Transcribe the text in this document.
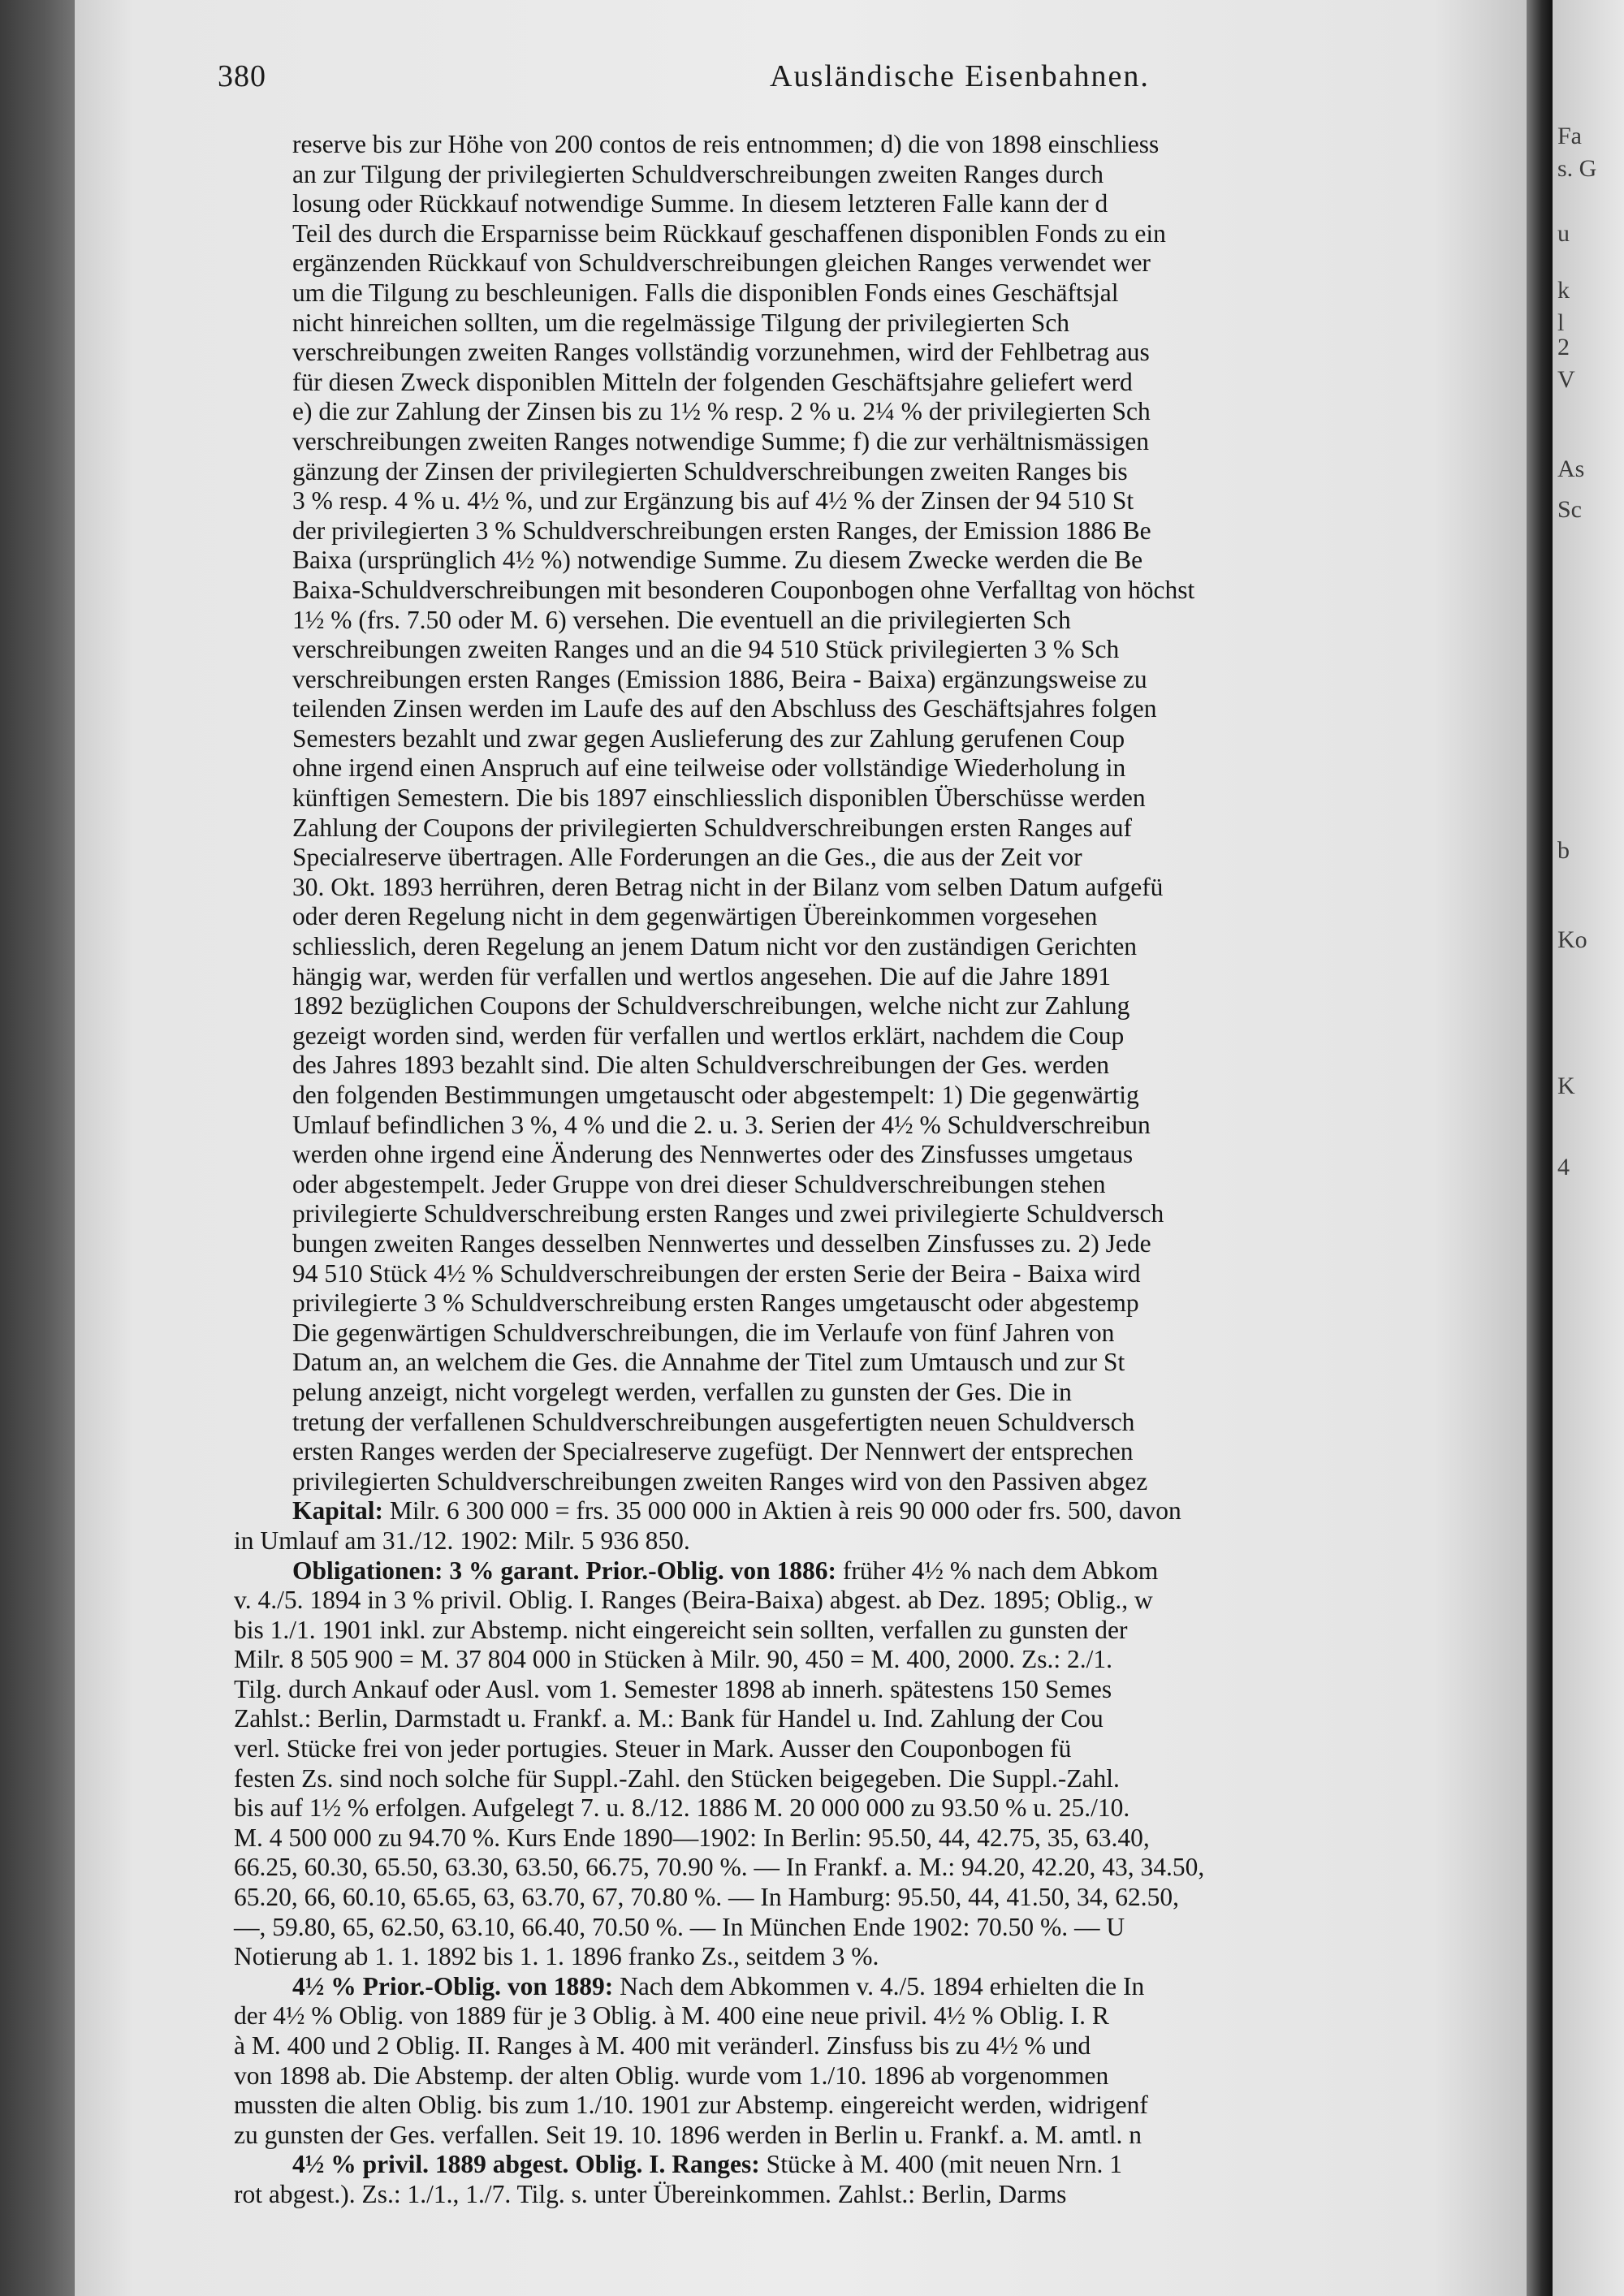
380	Ausländische Eisenbahnen.
reserve bis zur Höhe von 200 contos de reis entnommen; d) die von 1898 einschliess
an zur Tilgung der privilegierten Schuldverschreibungen zweiten Ranges durch
losung oder Rückkauf notwendige Summe. In diesem letzteren Falle kann der d
Teil des durch die Ersparnisse beim Rückkauf geschaffenen disponiblen Fonds zu ein
ergänzenden Rückkauf von Schuldverschreibungen gleichen Ranges verwendet wer
um die Tilgung zu beschleunigen. Falls die disponiblen Fonds eines Geschäftsjal
nicht hinreichen sollten, um die regelmässige Tilgung der privilegierten Sch
verschreibungen zweiten Ranges vollständig vorzunehmen, wird der Fehlbetrag aus
für diesen Zweck disponiblen Mitteln der folgenden Geschäftsjahre geliefert werd
e) die zur Zahlung der Zinsen bis zu 1½ % resp. 2 % u. 2¼ % der privilegierten Sch
verschreibungen zweiten Ranges notwendige Summe; f) die zur verhältnismässigen
gänzung der Zinsen der privilegierten Schuldverschreibungen zweiten Ranges bis
3 % resp. 4 % u. 4½ %, und zur Ergänzung bis auf 4½ % der Zinsen der 94 510 St
der privilegierten 3 % Schuldverschreibungen ersten Ranges, der Emission 1886 Be
Baixa (ursprünglich 4½ %) notwendige Summe. Zu diesem Zwecke werden die Be
Baixa-Schuldverschreibungen mit besonderen Couponbogen ohne Verfalltag von höchst
1½ % (frs. 7.50 oder M. 6) versehen. Die eventuell an die privilegierten Sch
verschreibungen zweiten Ranges und an die 94 510 Stück privilegierten 3 % Sch
verschreibungen ersten Ranges (Emission 1886, Beira - Baixa) ergänzungsweise zu
teilenden Zinsen werden im Laufe des auf den Abschluss des Geschäftsjahres folgen
Semesters bezahlt und zwar gegen Auslieferung des zur Zahlung gerufenen Coup
ohne irgend einen Anspruch auf eine teilweise oder vollständige Wiederholung in
künftigen Semestern. Die bis 1897 einschliesslich disponiblen Überschüsse werden
Zahlung der Coupons der privilegierten Schuldverschreibungen ersten Ranges auf
Specialreserve übertragen. Alle Forderungen an die Ges., die aus der Zeit vor
30. Okt. 1893 herrühren, deren Betrag nicht in der Bilanz vom selben Datum aufgefü
oder deren Regelung nicht in dem gegenwärtigen Übereinkommen vorgesehen
schliesslich, deren Regelung an jenem Datum nicht vor den zuständigen Gerichten
hängig war, werden für verfallen und wertlos angesehen. Die auf die Jahre 1891
1892 bezüglichen Coupons der Schuldverschreibungen, welche nicht zur Zahlung
gezeigt worden sind, werden für verfallen und wertlos erklärt, nachdem die Coup
des Jahres 1893 bezahlt sind. Die alten Schuldverschreibungen der Ges. werden
den folgenden Bestimmungen umgetauscht oder abgestempelt: 1) Die gegenwärtig
Umlauf befindlichen 3 %, 4 % und die 2. u. 3. Serien der 4½ % Schuldverschreibun
werden ohne irgend eine Änderung des Nennwertes oder des Zinsfusses umgetaus
oder abgestempelt. Jeder Gruppe von drei dieser Schuldverschreibungen stehen
privilegierte Schuldverschreibung ersten Ranges und zwei privilegierte Schuldversch
bungen zweiten Ranges desselben Nennwertes und desselben Zinsfusses zu. 2) Jede
94 510 Stück 4½ % Schuldverschreibungen der ersten Serie der Beira - Baixa wird
privilegierte 3 % Schuldverschreibung ersten Ranges umgetauscht oder abgestemp
Die gegenwärtigen Schuldverschreibungen, die im Verlaufe von fünf Jahren von
Datum an, an welchem die Ges. die Annahme der Titel zum Umtausch und zur St
pelung anzeigt, nicht vorgelegt werden, verfallen zu gunsten der Ges. Die in
tretung der verfallenen Schuldverschreibungen ausgefertigten neuen Schuldversch
ersten Ranges werden der Specialreserve zugefügt. Der Nennwert der entsprechen
privilegierten Schuldverschreibungen zweiten Ranges wird von den Passiven abgez
Kapital: Milr. 6 300 000 = frs. 35 000 000 in Aktien à reis 90 000 oder frs. 500, davon
in Umlauf am 31./12. 1902: Milr. 5 936 850.
Obligationen: 3 % garant. Prior.-Oblig. von 1886: früher 4½ % nach dem Abkom
v. 4./5. 1894 in 3 % privil. Oblig. I. Ranges (Beira-Baixa) abgest. ab Dez. 1895; Oblig., w
bis 1./1. 1901 inkl. zur Abstemp. nicht eingereicht sein sollten, verfallen zu gunsten der
Milr. 8 505 900 = M. 37 804 000 in Stücken à Milr. 90, 450 = M. 400, 2000. Zs.: 2./1.
Tilg. durch Ankauf oder Ausl. vom 1. Semester 1898 ab innerh. spätestens 150 Semes
Zahlst.: Berlin, Darmstadt u. Frankf. a. M.: Bank für Handel u. Ind. Zahlung der Cou
verl. Stücke frei von jeder portugies. Steuer in Mark. Ausser den Couponbogen fü
festen Zs. sind noch solche für Suppl.-Zahl. den Stücken beigegeben. Die Suppl.-Zahl.
bis auf 1½ % erfolgen. Aufgelegt 7. u. 8./12. 1886 M. 20 000 000 zu 93.50 % u. 25./10.
M. 4 500 000 zu 94.70 %. Kurs Ende 1890—1902: In Berlin: 95.50, 44, 42.75, 35, 63.40,
66.25, 60.30, 65.50, 63.30, 63.50, 66.75, 70.90 %. — In Frankf. a. M.: 94.20, 42.20, 43, 34.50,
65.20, 66, 60.10, 65.65, 63, 63.70, 67, 70.80 %. — In Hamburg: 95.50, 44, 41.50, 34, 62.50,
—, 59.80, 65, 62.50, 63.10, 66.40, 70.50 %. — In München Ende 1902: 70.50 %. — U
Notierung ab 1. 1. 1892 bis 1. 1. 1896 franko Zs., seitdem 3 %.
4½ % Prior.-Oblig. von 1889: Nach dem Abkommen v. 4./5. 1894 erhielten die In
der 4½ % Oblig. von 1889 für je 3 Oblig. à M. 400 eine neue privil. 4½ % Oblig. I. R
à M. 400 und 2 Oblig. II. Ranges à M. 400 mit veränderl. Zinsfuss bis zu 4½ % und
von 1898 ab. Die Abstemp. der alten Oblig. wurde vom 1./10. 1896 ab vorgenommen
mussten die alten Oblig. bis zum 1./10. 1901 zur Abstemp. eingereicht werden, widrigenf
zu gunsten der Ges. verfallen. Seit 19. 10. 1896 werden in Berlin u. Frankf. a. M. amtl. n
4½ % privil. 1889 abgest. Oblig. I. Ranges: Stücke à M. 400 (mit neuen Nrn. 1
rot abgest.). Zs.: 1./1., 1./7. Tilg. s. unter Übereinkommen. Zahlst.: Berlin, Darms
Fa
s. G
u
k
l
2
V
As
Sc
b
Ko
K
4
